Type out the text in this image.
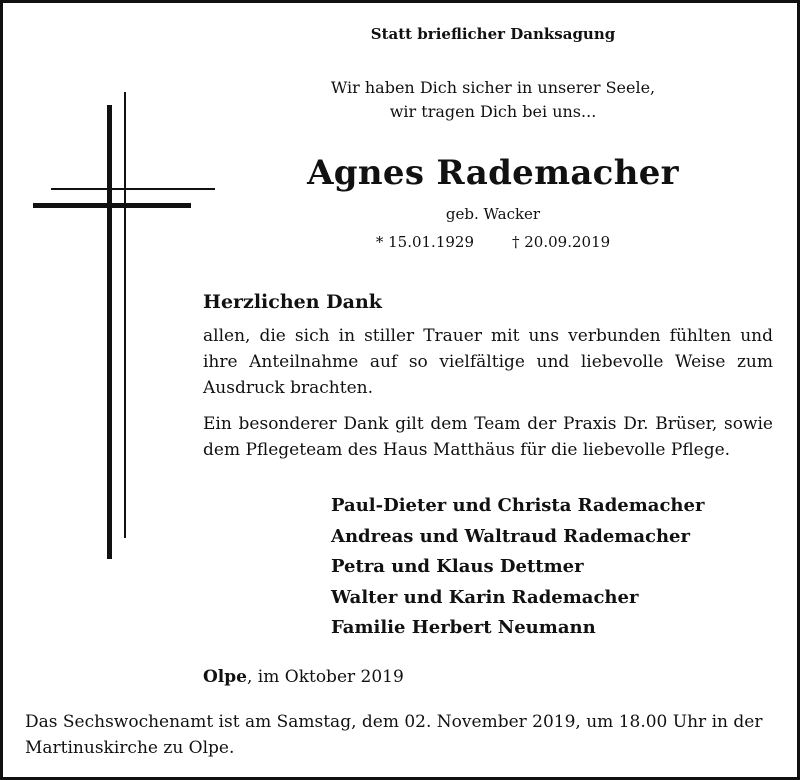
Statt brieflicher Danksagung
Wir haben Dich sicher in unserer Seele,
wir tragen Dich bei uns...
Agnes Rademacher
geb. Wacker
* 15.01.1929	† 20.09.2019
Herzlichen Dank
allen, die sich in stiller Trauer mit uns verbunden fühlten und ihre Anteilnahme auf so vielfältige und liebevolle Weise zum Ausdruck brachten.
Ein besonderer Dank gilt dem Team der Praxis Dr. Brüser, sowie dem Pflegeteam des Haus Matthäus für die liebevolle Pflege.
Paul-Dieter und Christa Rademacher
Andreas und Waltraud Rademacher
Petra und Klaus Dettmer
Walter und Karin Rademacher
Familie Herbert Neumann
Olpe, im Oktober 2019
Das Sechswochenamt ist am Samstag, dem 02. November 2019, um 18.00 Uhr in der Martinuskirche zu Olpe.
